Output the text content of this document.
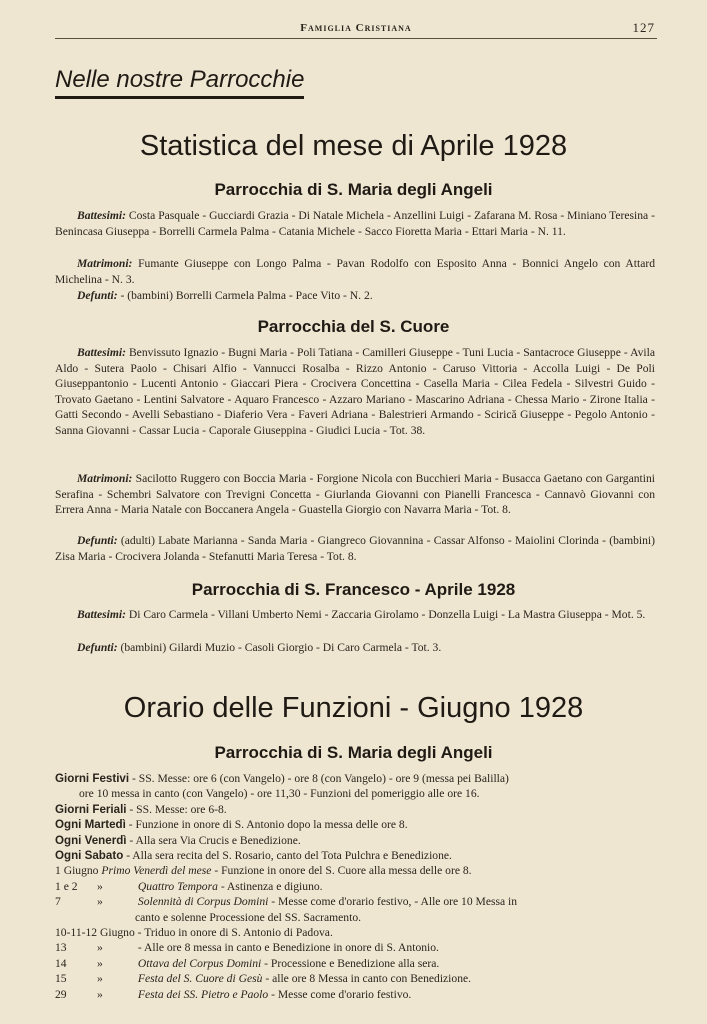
Famiglia Cristiana	127
Nelle nostre Parrocchie
Statistica del mese di Aprile 1928
Parrocchia di S. Maria degli Angeli
Battesimi: Costa Pasquale - Gucciardi Grazia - Di Natale Michela - Anzellini Luigi - Zafarana M. Rosa - Miniano Teresina - Benincasa Giuseppa - Borrelli Carmela Palma - Catania Michele - Sacco Fioretta Maria - Ettari Maria - N. 11.
Matrimoni: Fumante Giuseppe con Longo Palma - Pavan Rodolfo con Esposito Anna - Bonnici Angelo con Attard Michelina - N. 3.
Defunti: - (bambini) Borrelli Carmela Palma - Pace Vito - N. 2.
Parrocchia del S. Cuore
Battesimi: Benvissuto Ignazio - Bugni Maria - Poli Tatiana - Camilleri Giuseppe - Tuni Lucia - Santacroce Giuseppe - Avila Aldo - Sutera Paolo - Chisari Alfio - Vannucci Rosalba - Rizzo Antonio - Caruso Vittoria - Accolla Luigi - De Poli Giuseppantonio - Lucenti Antonio - Giaccari Piera - Crocivera Concettina - Casella Maria - Cilea Fedela - Silvestri Guido - Trovato Gaetano - Lentini Salvatore - Aquaro Francesco - Azzaro Mariano - Mascarino Adriana - Chessa Mario - Zirone Italia - Gatti Secondo - Avelli Sebastiano - Diaferio Vera - Faveri Adriana - Balestrieri Armando - Scirică Giuseppe - Pegolo Antonio - Sanna Giovanni - Cassar Lucia - Caporale Giuseppina - Giudici Lucia - Tot. 38.
Matrimoni: Sacilotto Ruggero con Boccia Maria - Forgione Nicola con Bucchieri Maria - Busacca Gaetano con Gargantini Serafina - Schembri Salvatore con Trevigni Concetta - Giurlanda Giovanni con Pianelli Francesca - Cannavò Giovanni con Errera Anna - Maria Natale con Boccanera Angela - Guastella Giorgio con Navarra Maria - Tot. 8.
Defunti: (adulti) Labate Marianna - Sanda Maria - Giangreco Giovannina - Cassar Alfonso - Maiolini Clorinda - (bambini) Zisa Maria - Crocivera Jolanda - Stefanutti Maria Teresa - Tot. 8.
Parrocchia di S. Francesco - Aprile 1928
Battesimi: Di Caro Carmela - Villani Umberto Nemi - Zaccaria Girolamo - Donzella Luigi - La Mastra Giuseppa - Mot. 5.
Defunti: (bambini) Gilardi Muzio - Casoli Giorgio - Di Caro Carmela - Tot. 3.
Orario delle Funzioni - Giugno 1928
Parrocchia di S. Maria degli Angeli
Giorni Festivi - SS. Messe: ore 6 (con Vangelo) - ore 8 (con Vangelo) - ore 9 (messa pei Balilla)
ore 10 messa in canto (con Vangelo) - ore 11,30 - Funzioni del pomeriggio alle ore 16.
Giorni Feriali - SS. Messe: ore 6-8.
Ogni Martedì - Funzione in onore di S. Antonio dopo la messa delle ore 8.
Ogni Venerdì - Alla sera Via Crucis e Benedizione.
Ogni Sabato - Alla sera recita del S. Rosario, canto del Tota Pulchra e Benedizione.
1 Giugno Primo Venerdì del mese - Funzione in onore del S. Cuore alla messa delle ore 8.
1 e 2 »	Quattro Tempora - Astinenza e digiuno.
7	»	Solennità di Corpus Domini - Messe come d'orario festivo, - Alle ore 10 Messa in
canto e solenne Processione del SS. Sacramento.
10-11-12 Giugno - Triduo in onore di S. Antonio di Padova.
13	»	- Alle ore 8 messa in canto e Benedizione in onore di S. Antonio.
14	»	Ottava del Corpus Domini - Processione e Benedizione alla sera.
15	»	Festa del S. Cuore di Gesù - alle ore 8 Messa in canto con Benedizione.
29	»	Festa dei SS. Pietro e Paolo - Messe come d'orario festivo.
